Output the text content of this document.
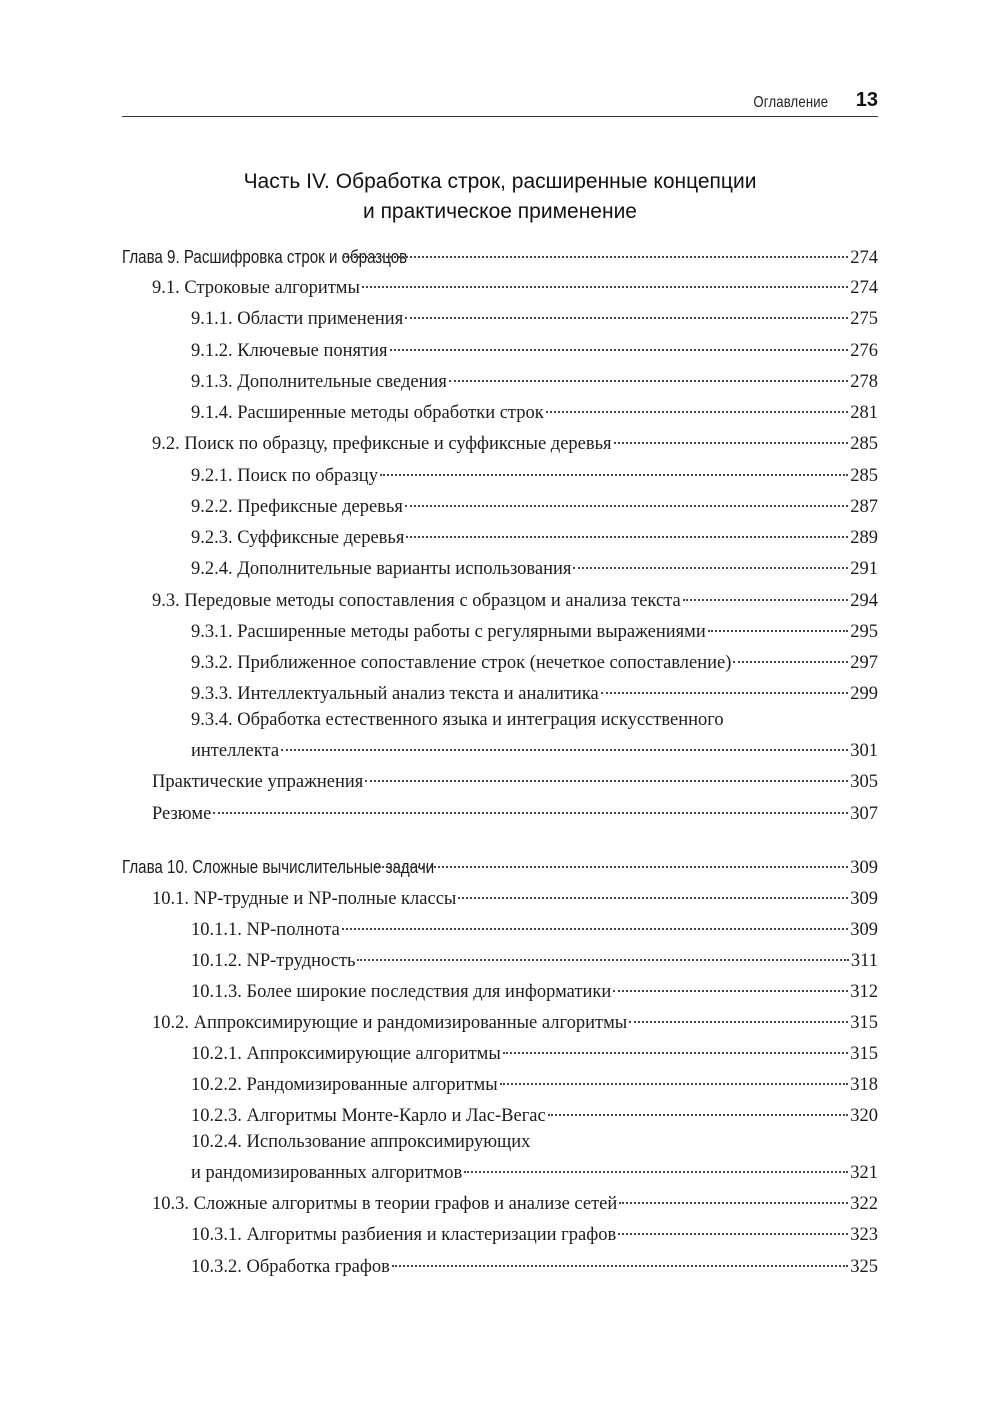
Оглавление 13
Часть IV. Обработка строк, расширенные концепции
и практическое применение
Глава 9. Расшифровка строк и образцов	274
9.1. Строковые алгоритмы	274
9.1.1. Области применения	275
9.1.2. Ключевые понятия	276
9.1.3. Дополнительные сведения	278
9.1.4. Расширенные методы обработки строк	281
9.2. Поиск по образцу, префиксные и суффиксные деревья	285
9.2.1. Поиск по образцу	285
9.2.2. Префиксные деревья	287
9.2.3. Суффиксные деревья	289
9.2.4. Дополнительные варианты использования	291
9.3. Передовые методы сопоставления с образцом и анализа текста	294
9.3.1. Расширенные методы работы с регулярными выражениями	295
9.3.2. Приближенное сопоставление строк (нечеткое сопоставление)	297
9.3.3. Интеллектуальный анализ текста и аналитика	299
9.3.4. Обработка естественного языка и интеграция искусственного
интеллекта	301
Практические упражнения	305
Резюме	307
Глава 10. Сложные вычислительные задачи	309
10.1. NP-трудные и NP-полные классы	309
10.1.1. NP-полнота	309
10.1.2. NP-трудность	311
10.1.3. Более широкие последствия для информатики	312
10.2. Аппроксимирующие и рандомизированные алгоритмы	315
10.2.1. Аппроксимирующие алгоритмы	315
10.2.2. Рандомизированные алгоритмы	318
10.2.3. Алгоритмы Монте-Карло и Лас-Вегас	320
10.2.4. Использование аппроксимирующих
и рандомизированных алгоритмов	321
10.3. Сложные алгоритмы в теории графов и анализе сетей	322
10.3.1. Алгоритмы разбиения и кластеризации графов	323
10.3.2. Обработка графов	325
